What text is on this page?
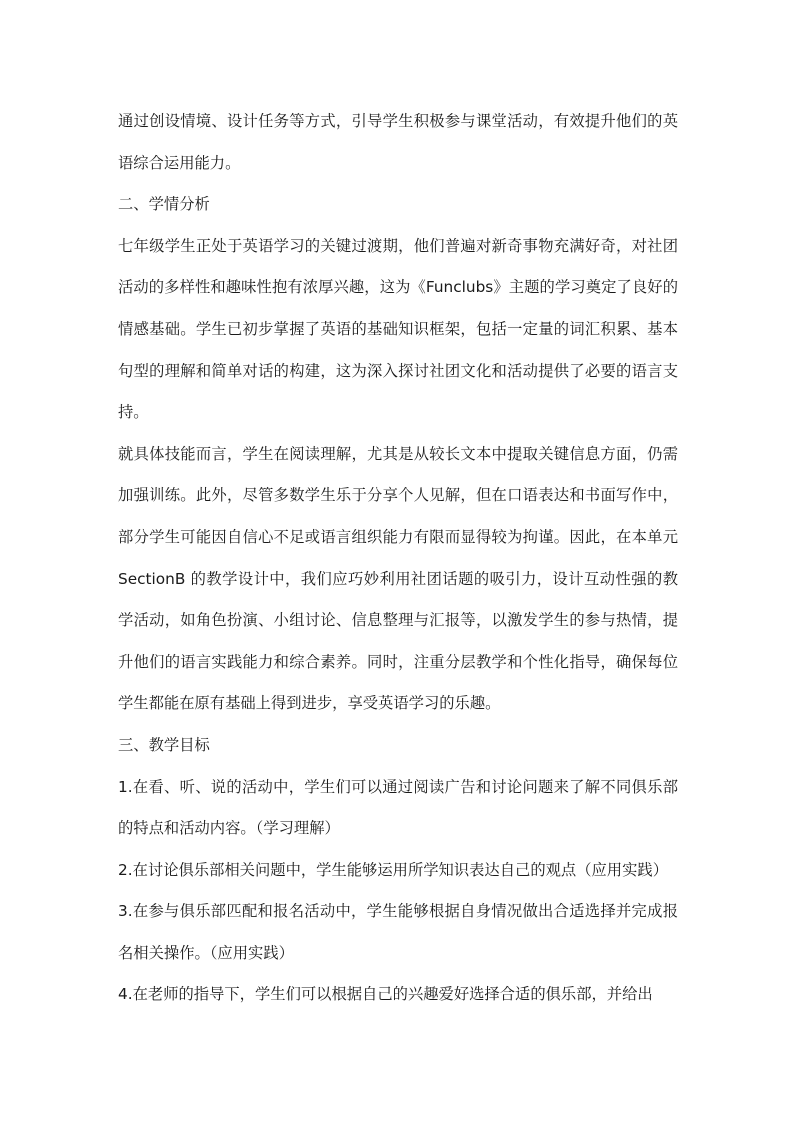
通过创设情境、设计任务等方式，引导学生积极参与课堂活动，有效提升他们的英语综合运用能力。

二、学情分析

七年级学生正处于英语学习的关键过渡期，他们普遍对新奇事物充满好奇，对社团活动的多样性和趣味性抱有浓厚兴趣，这为《Funclubs》主题的学习奠定了良好的情感基础。学生已初步掌握了英语的基础知识框架，包括一定量的词汇积累、基本句型的理解和简单对话的构建，这为深入探讨社团文化和活动提供了必要的语言支持。

就具体技能而言，学生在阅读理解，尤其是从较长文本中提取关键信息方面，仍需加强训练。此外，尽管多数学生乐于分享个人见解，但在口语表达和书面写作中，部分学生可能因自信心不足或语言组织能力有限而显得较为拘谨。因此，在本单元 SectionB 的教学设计中，我们应巧妙利用社团话题的吸引力，设计互动性强的教学活动，如角色扮演、小组讨论、信息整理与汇报等，以激发学生的参与热情，提升他们的语言实践能力和综合素养。同时，注重分层教学和个性化指导，确保每位学生都能在原有基础上得到进步，享受英语学习的乐趣。

三、教学目标

1.在看、听、说的活动中，学生们可以通过阅读广告和讨论问题来了解不同俱乐部的特点和活动内容。（学习理解）

2.在讨论俱乐部相关问题中，学生能够运用所学知识表达自己的观点（应用实践）

3.在参与俱乐部匹配和报名活动中，学生能够根据自身情况做出合适选择并完成报名相关操作。（应用实践）

4.在老师的指导下，学生们可以根据自己的兴趣爱好选择合适的俱乐部，并给出
